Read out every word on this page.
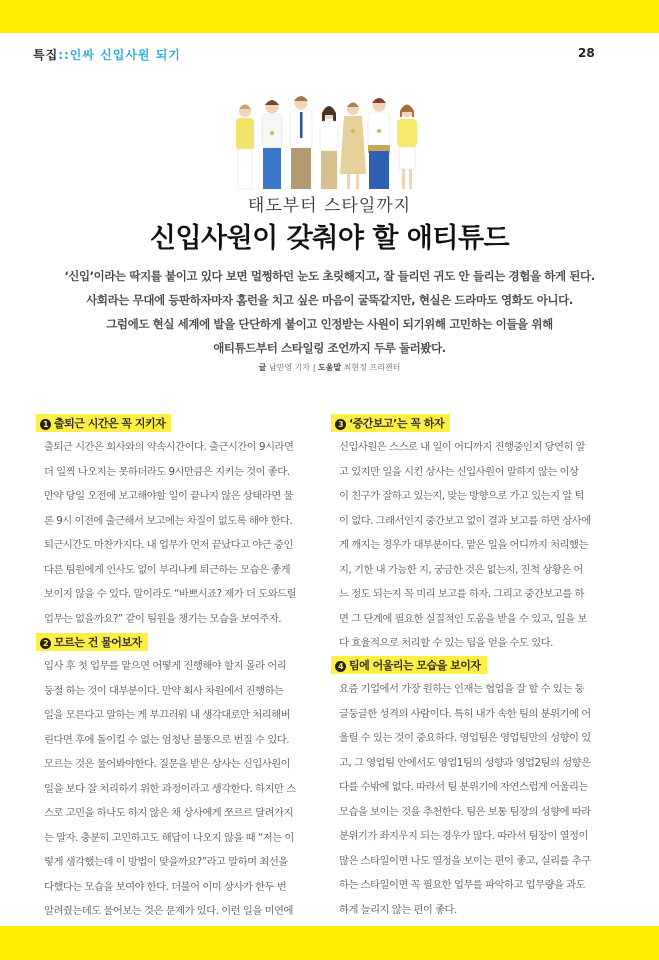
특집::인싸 신입사원 되기	28
태도부터 스타일까지
신입사원이 갖춰야 할 애티튜드

‘신입’이라는 딱지를 붙이고 있다 보면 멀쩡하던 눈도 초릿해지고, 잘 들리던 귀도 안 들리는 경험을 하게 된다.

사회라는 무대에 등판하자마자 홈런을 치고 싶은 마음이 굴뚝같지만, 현실은 드라마도 영화도 아니다.

그럼에도 현실 세계에 발을 단단하게 붙이고 인정받는 사원이 되기위해 고민하는 이들을 위해

애티튜드부터 스타일링 조언까지 두루 둘러봤다.

글 남민영 기자 | 도움말 최현정 프리젠터
1 출퇴근 시간은 꼭 지키자
출퇴근 시간은 회사와의 약속시간이다. 출근시간이 9시라면
더 일찍 나오지는 못하더라도 9시만큼은 지키는 것이 좋다.
만약 당일 오전에 보고해야할 일이 끝나지 않은 상태라면 물
론 9시 이전에 출근해서 보고에는 차질이 없도록 해야 한다.
퇴근시간도 마찬가지다. 내 업무가 먼저 끝났다고 야근 중인
다른 팀원에게 인사도 없이 부리나케 퇴근하는 모습은 좋게
보이지 않을 수 있다. 말이라도 “바쁘시죠? 제가 더 도와드릴
업무는 없을까요?” 같이 팀원을 챙기는 모습을 보여주자.
2 모르는 건 물어보자
입사 후 첫 업무를 맡으면 어떻게 진행해야 할지 몰라 어리
둥절 하는 것이 대부분이다. 만약 회사 차원에서 진행하는
일을 모른다고 말하는 게 부끄러워 내 생각대로만 처리해버
린다면 후에 돌이킬 수 없는 엄청난 불똥으로 번질 수 있다.
모르는 것은 물어봐야한다. 질문을 받은 상사는 신입사원이
일을 보다 잘 처리하기 위한 과정이라고 생각한다. 하지만 스
스로 고민을 하나도 하지 않은 채 상사에게 쪼르르 달려가지
는 말자. 충분히 고민하고도 해답이 나오지 않을 때 “저는 이
렇게 생각했는데 이 방법이 맞을까요?”라고 말하며 최선을
다했다는 모습을 보여야 한다. 더불어 이미 상사가 한두 번
알려줬는데도 물어보는 것은 문제가 있다. 이런 일을 미연에
3 ‘중간보고’는 꼭 하자
신입사원은 스스로 내 일이 어디까지 진행중인지 당연히 알
고 있지만 일을 시킨 상사는 신입사원이 말하지 않는 이상
이 친구가 잘하고 있는지, 맞는 방향으로 가고 있는지 알 턱
이 없다. 그래서인지 중간보고 없이 결과 보고를 하면 상사에
게 깨지는 경우가 대부분이다. 맡은 일을 어디까지 처리했는
지, 기한 내 가능한 지, 궁금한 것은 없는지, 진척 상황은 어
느 정도 되는지 꼭 미리 보고를 하자. 그리고 중간보고를 하
면 그 단계에 필요한 실질적인 도움을 받을 수 있고, 일을 보
다 효율적으로 처리할 수 있는 팁을 얻을 수도 있다.
4 팀에 어울리는 모습을 보이자
요즘 기업에서 가장 원하는 인재는 협업을 잘 할 수 있는 둥
글둥글한 성격의 사람이다. 특히 내가 속한 팀의 분위기에 어
울릴 수 있는 것이 중요하다. 영업팀은 영업팀만의 성향이 있
고, 그 영업팀 안에서도 영업1팀의 성향과 영업2팀의 성향은
다를 수밖에 없다. 따라서 팀 분위기에 자연스럽게 어울리는
모습을 보이는 것을 추천한다. 팀은 보통 팀장의 성향에 따라
분위기가 좌지우지 되는 경우가 많다. 따라서 팀장이 열정이
많은 스타일이면 나도 열정을 보이는 편이 좋고, 실리를 추구
하는 스타일이면 꼭 필요한 업무를 파악하고 업무량을 과도
하게 늘리지 않는 편이 좋다.
